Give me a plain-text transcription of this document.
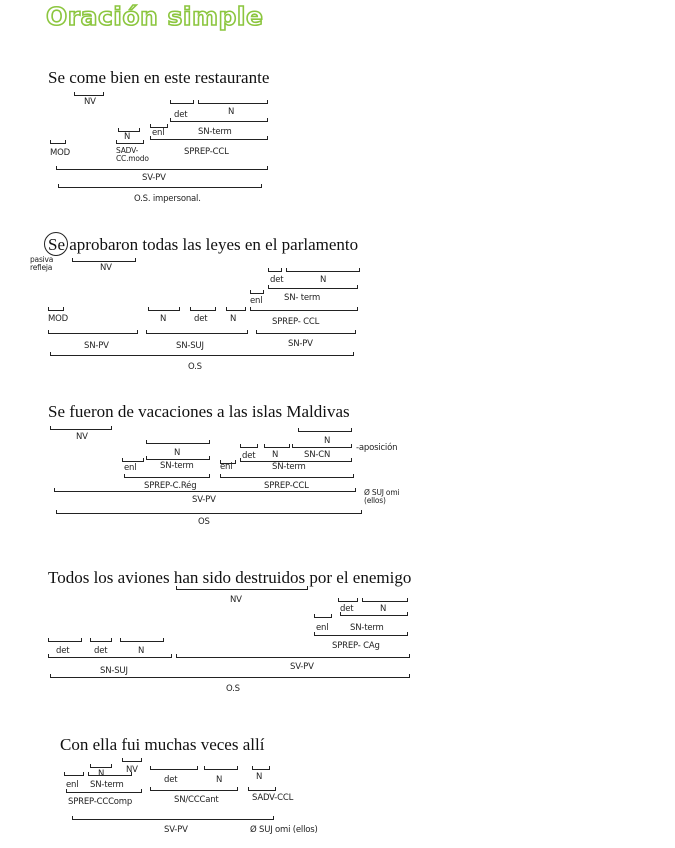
Oración simple
Se come bien en este restaurante
NV
det	N
N	enl	SN-term
MOD	SADV-
CC.modo
SPREP-CCL
SV-PV
O.S. impersonal.
Se aprobaron todas las leyes en el parlamento
pasiva
refleja	NV
det	N
enl	SN- term
MOD	N	det	N	SPREP- CCL
SN-PV	SN-SUJ	SN-PV
O.S
Se fueron de vacaciones a las islas Maldivas
NV	N
N	det N	SN-CN
-aposición
enl	SN-term	enl	SN-term
SPREP-C.Rég	SPREP-CCL
Ø SUJ omi
(ellos)
SV-PV
OS
Todos los aviones han sido destruidos por el enemigo
NV
det	N
enl	SN-term
SPREP- CAg
det	det	N
SN-SUJ	SV-PV
O.S
Con ella fui muchas veces allí
NV
N	N
det	N
enl SN-term
SPREP-CCComp	SN/CCCant	SADV-CCL
SV-PV	Ø SUJ omi (ellos)
